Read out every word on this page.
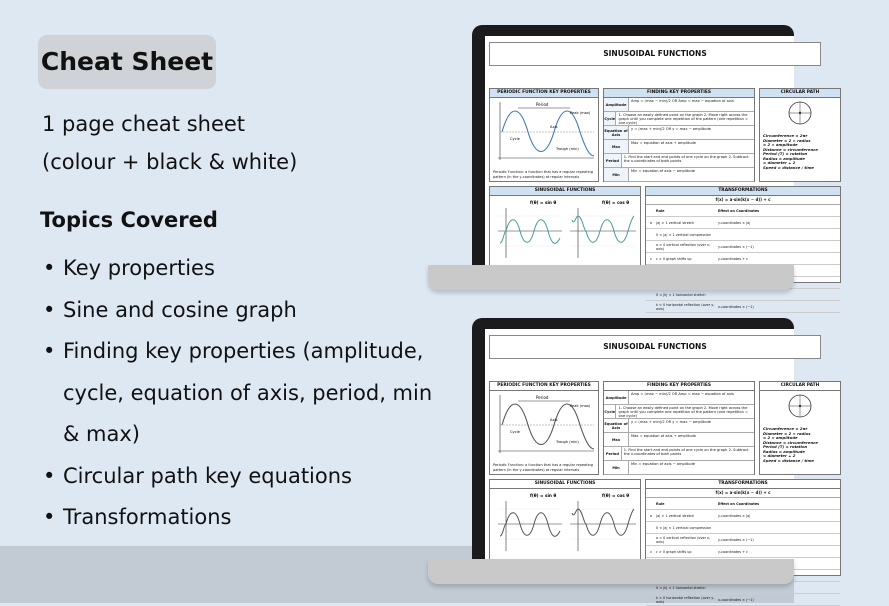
Cheat Sheet
1 page cheat sheet
(colour + black & white)
Topics Covered
• Key properties
• Sine and cosine graph
• Finding key properties (amplitude,
cycle, equation of axis, period, min
& max)
• Circular path key equations
• Transformations
SINUSOIDAL FUNCTIONS
PERIODIC FUNCTION KEY PROPERTIES
Period
Peak (max)
Axis
Cycle
Trough (min)
Periodic Function: a function that has a regular repeating pattern (in the y-coordinates) at regular intervals
FINDING KEY PROPERTIES
Amplitude
Amp = (max − min)/2 OR Amp = max − equation of axis
Cycle
1. Choose an easily defined point on the graph 2. Move right across the graph until you complete one repetition of the pattern (one repetition = one cycle)
Equation of Axis
y = (max + min)/2 OR y = max − amplitude
Max
Max = equation of axis + amplitude
Period
1. Find the start and end points of one cycle on the graph 2. Subtract the x-coordinates of both points
Min
Min = equation of axis − amplitude
CIRCULAR PATH
Circumference = 2πr
Diameter = 2 × radius
= 2 × amplitude
Distance = circumference
Period (T) = rotation
Radius = amplitude
= diameter ÷ 2
Speed = distance / time
SINUSOIDAL FUNCTIONS
f(θ) = sin θ	f(θ) = cos θ
TRANSFORMATIONS
f(x) = a·sin(k(x − d)) + c
Rule	Effect on Coordinates
a	|a| > 1 vertical stretch	y-coordinates × |a|
0 < |a| < 1 vertical compression
a < 0 vertical reflection (over x-axis)	y-coordinates × (−1)
c	c > 0 graph shifts up	y-coordinates + c
0 < |k| < 1 horizontal stretch
k < 0 horizontal reflection (over y-axis)	x-coordinates × (−1)
SINUSOIDAL FUNCTIONS
PERIODIC FUNCTION KEY PROPERTIES
Period
Peak (max)
Axis
Cycle
Trough (min)
Periodic Function: a function that has a regular repeating pattern (in the y-coordinates) at regular intervals
FINDING KEY PROPERTIES
Amplitude
Amp = (max − min)/2 OR Amp = max − equation of axis
Cycle
1. Choose an easily defined point on the graph 2. Move right across the graph until you complete one repetition of the pattern (one repetition = one cycle)
Equation of Axis
y = (max + min)/2 OR y = max − amplitude
Max
Max = equation of axis + amplitude
Period
1. Find the start and end points of one cycle on the graph 2. Subtract the x-coordinates of both points
Min
Min = equation of axis − amplitude
CIRCULAR PATH
Circumference = 2πr
Diameter = 2 × radius
= 2 × amplitude
Distance = circumference
Period (T) = rotation
Radius = amplitude
= diameter ÷ 2
Speed = distance / time
SINUSOIDAL FUNCTIONS
f(θ) = sin θ	f(θ) = cos θ
TRANSFORMATIONS
f(x) = a·sin(k(x − d)) + c
Rule	Effect on Coordinates
a	|a| > 1 vertical stretch	y-coordinates × |a|
0 < |a| < 1 vertical compression
a < 0 vertical reflection (over x-axis)	y-coordinates × (−1)
c	c > 0 graph shifts up	y-coordinates + c
0 < |k| < 1 horizontal stretch
k < 0 horizontal reflection (over y-axis)	x-coordinates × (−1)
